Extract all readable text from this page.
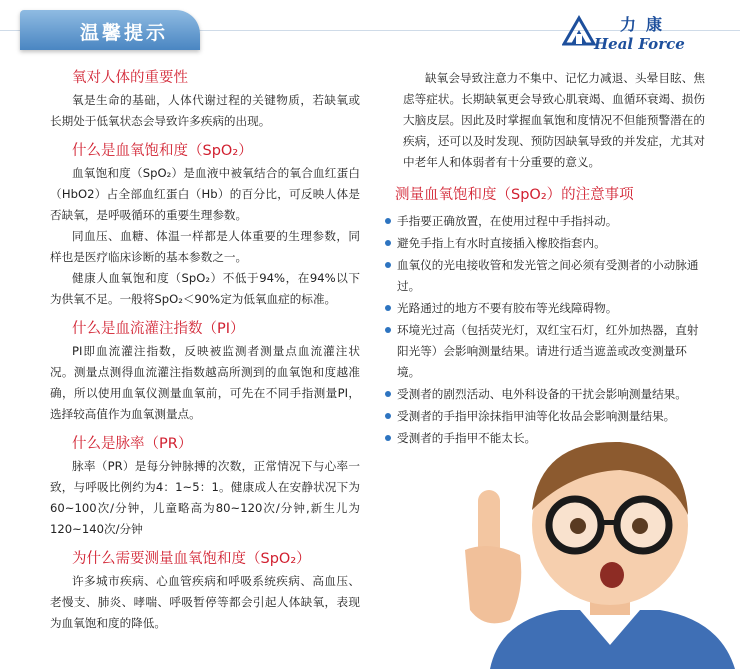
温馨提示	力康
Heal Force
氧对人体的重要性

氧是生命的基础，人体代谢过程的关键物质，若缺氧或长期处于低氧状态会导致许多疾病的出现。

什么是血氧饱和度（SpO₂）

血氧饱和度（SpO₂）是血液中被氧结合的氧合血红蛋白（HbO2）占全部血红蛋白（Hb）的百分比，可反映人体是否缺氧，是呼吸循环的重要生理参数。

同血压、血糖、体温一样都是人体重要的生理参数，同样也是医疗临床诊断的基本参数之一。

健康人血氧饱和度（SpO₂）不低于94%，在94%以下为供氧不足。一般将SpO₂＜90%定为低氧血症的标准。

什么是血流灌注指数（PI）

PI即血流灌注指数，反映被监测者测量点血流灌注状况。测量点测得血流灌注指数越高所测到的血氧饱和度越准确，所以使用血氧仪测量血氧前，可先在不同手指测量PI，选择较高值作为血氧测量点。

什么是脉率（PR）

脉率（PR）是每分钟脉搏的次数，正常情况下与心率一致，与呼吸比例约为4：1~5：1。健康成人在安静状况下为60~100次/分钟，儿童略高为80~120次/分钟,新生儿为120~140次/分钟

为什么需要测量血氧饱和度（SpO₂）

许多城市疾病、心血管疾病和呼吸系统疾病、高血压、老慢支、肺炎、哮喘、呼吸暂停等都会引起人体缺氧，表现为血氧饱和度的降低。

缺氧会导致注意力不集中、记忆力减退、头晕目眩、焦虑等症状。长期缺氧更会导致心肌衰竭、血循环衰竭、损伤大脑皮层。因此及时掌握血氧饱和度情况不但能预警潜在的疾病，还可以及时发现、预防因缺氧导致的并发症，尤其对中老年人和体弱者有十分重要的意义。

测量血氧饱和度（SpO₂）的注意事项
手指要正确放置，在使用过程中手指抖动。
避免手指上有水时直接插入橡胶指套内。
血氧仪的光电接收管和发光管之间必须有受测者的小动脉通过。
光路通过的地方不要有胶布等光线障碍物。
环境光过高（包括荧光灯，双红宝石灯，红外加热器，直射阳光等）会影响测量结果。请进行适当遮盖或改变测量环境。
受测者的剧烈活动、电外科设备的干扰会影响测量结果。
受测者的手指甲涂抹指甲油等化妆品会影响测量结果。
受测者的手指甲不能太长。
